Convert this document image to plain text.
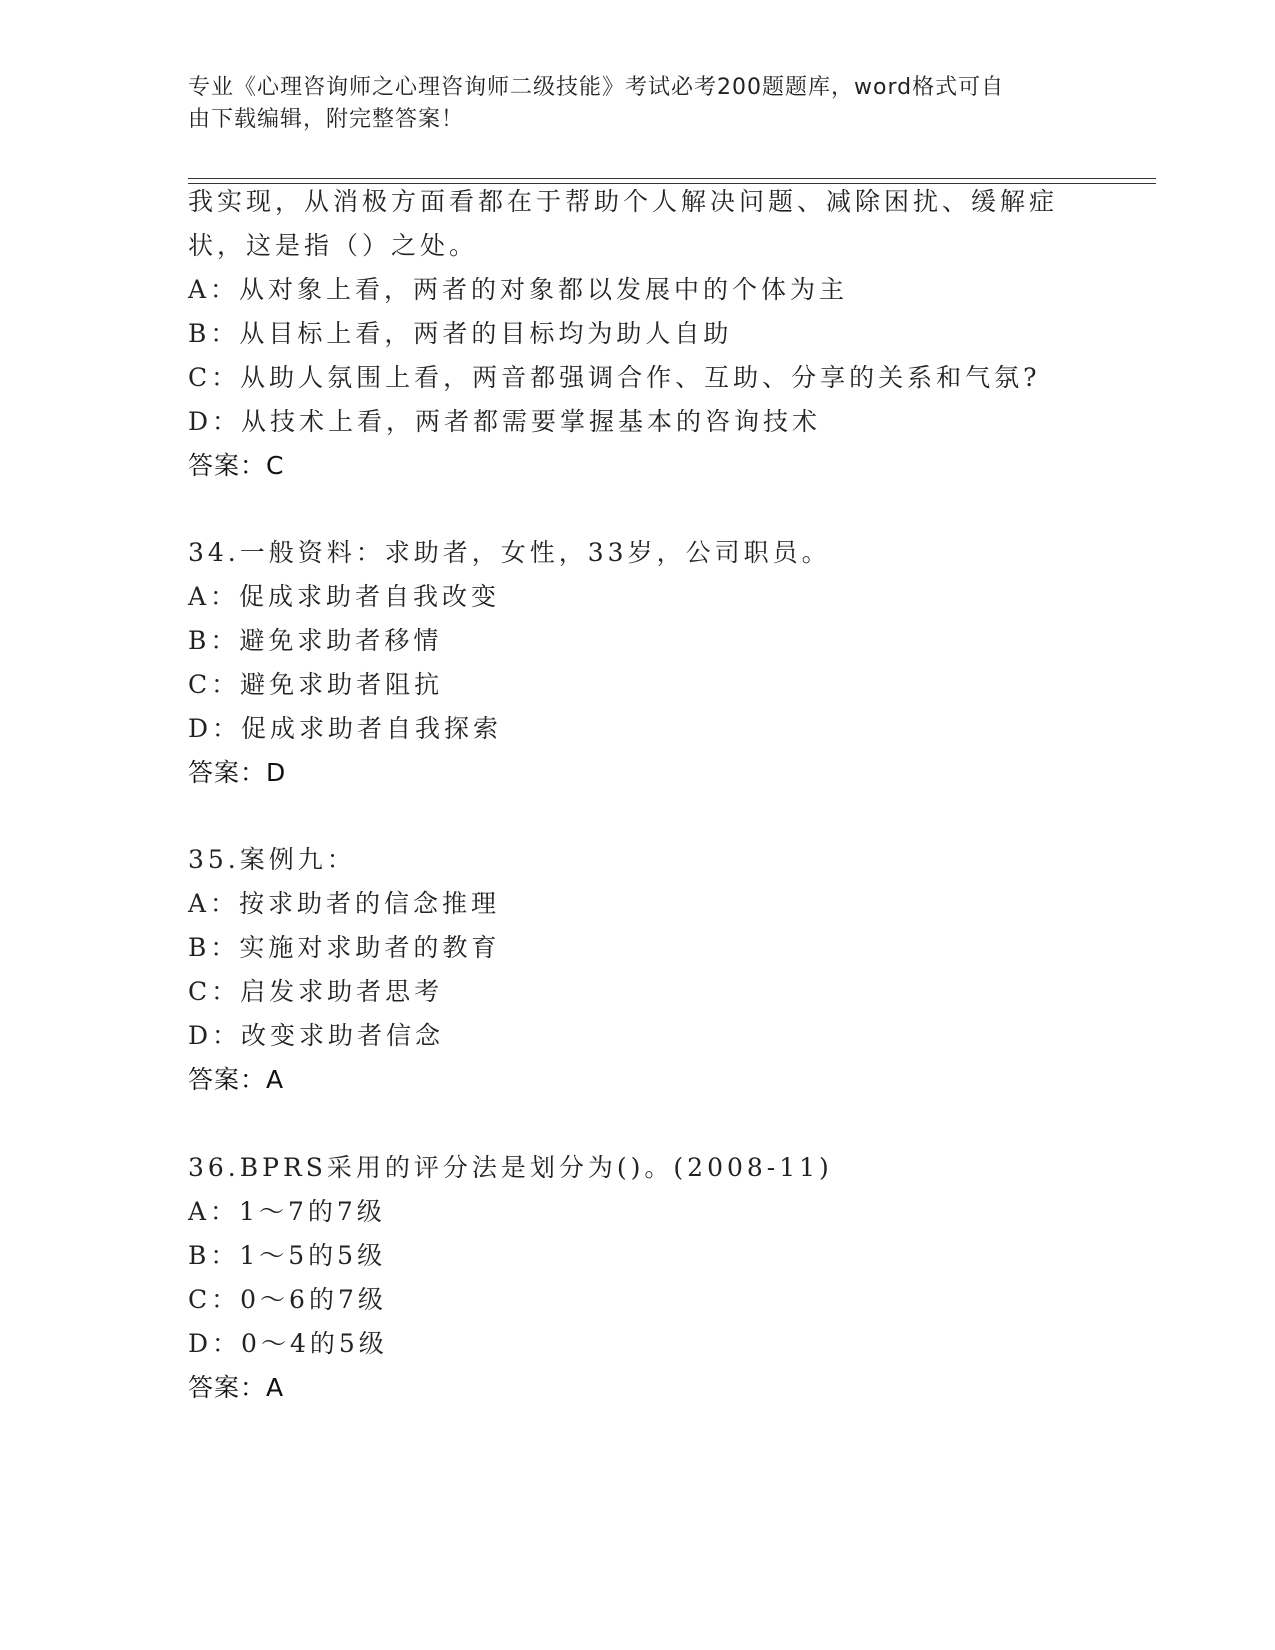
专业《心理咨询师之心理咨询师二级技能》考试必考200题题库，word格式可自
由下载编辑，附完整答案！
我实现，从消极方面看都在于帮助个人解决问题、减除困扰、缓解症
状，这是指（）之处。
A：从对象上看，两者的对象都以发展中的个体为主
B：从目标上看，两者的目标均为助人自助
C：从助人氛围上看，两音都强调合作、互助、分享的关系和气氛?
D：从技术上看，两者都需要掌握基本的咨询技术
答案：C
34.一般资料：求助者，女性，33岁，公司职员。
A：促成求助者自我改变
B：避免求助者移情
C：避免求助者阻抗
D：促成求助者自我探索
答案：D
35.案例九：
A：按求助者的信念推理
B：实施对求助者的教育
C：启发求助者思考
D：改变求助者信念
答案：A
36.BPRS采用的评分法是划分为()。(2008-11)
A：1～7的7级
B：1～5的5级
C：0～6的7级
D：0～4的5级
答案：A
